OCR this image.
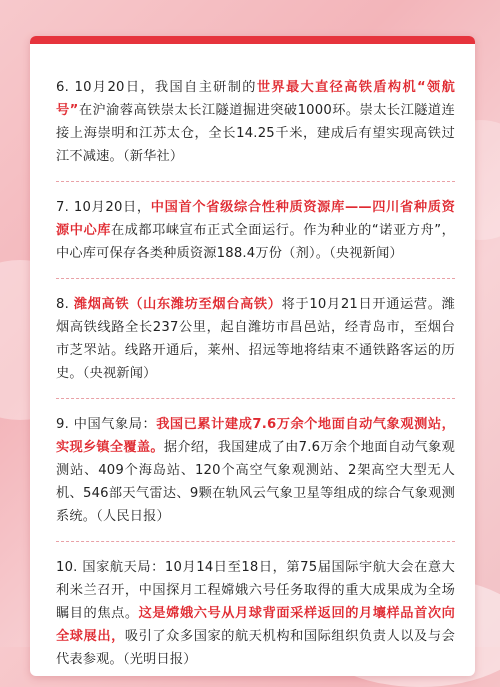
6. 10月20日，我国自主研制的世界最大直径高铁盾构机“领航号”在沪渝蓉高铁崇太长江隧道掘进突破1000环。崇太长江隧道连接上海崇明和江苏太仓，全长14.25千米，建成后有望实现高铁过江不减速。（新华社）

7. 10月20日，中国首个省级综合性种质资源库——四川省种质资源中心库在成都邛崃宣布正式全面运行。作为种业的“诺亚方舟”，中心库可保存各类种质资源188.4万份（剂）。（央视新闻）

8. 潍烟高铁（山东潍坊至烟台高铁）将于10月21日开通运营。潍烟高铁线路全长237公里，起自潍坊市昌邑站，经青岛市，至烟台市芝罘站。线路开通后，莱州、招远等地将结束不通铁路客运的历史。（央视新闻）

9. 中国气象局：我国已累计建成7.6万余个地面自动气象观测站，实现乡镇全覆盖。据介绍，我国建成了由7.6万余个地面自动气象观测站、409个海岛站、120个高空气象观测站、2架高空大型无人机、546部天气雷达、9颗在轨风云气象卫星等组成的综合气象观测系统。（人民日报）

10. 国家航天局：10月14日至18日，第75届国际宇航大会在意大利米兰召开，中国探月工程嫦娥六号任务取得的重大成果成为全场瞩目的焦点。这是嫦娥六号从月球背面采样返回的月壤样品首次向全球展出，吸引了众多国家的航天机构和国际组织负责人以及与会代表参观。（光明日报）
